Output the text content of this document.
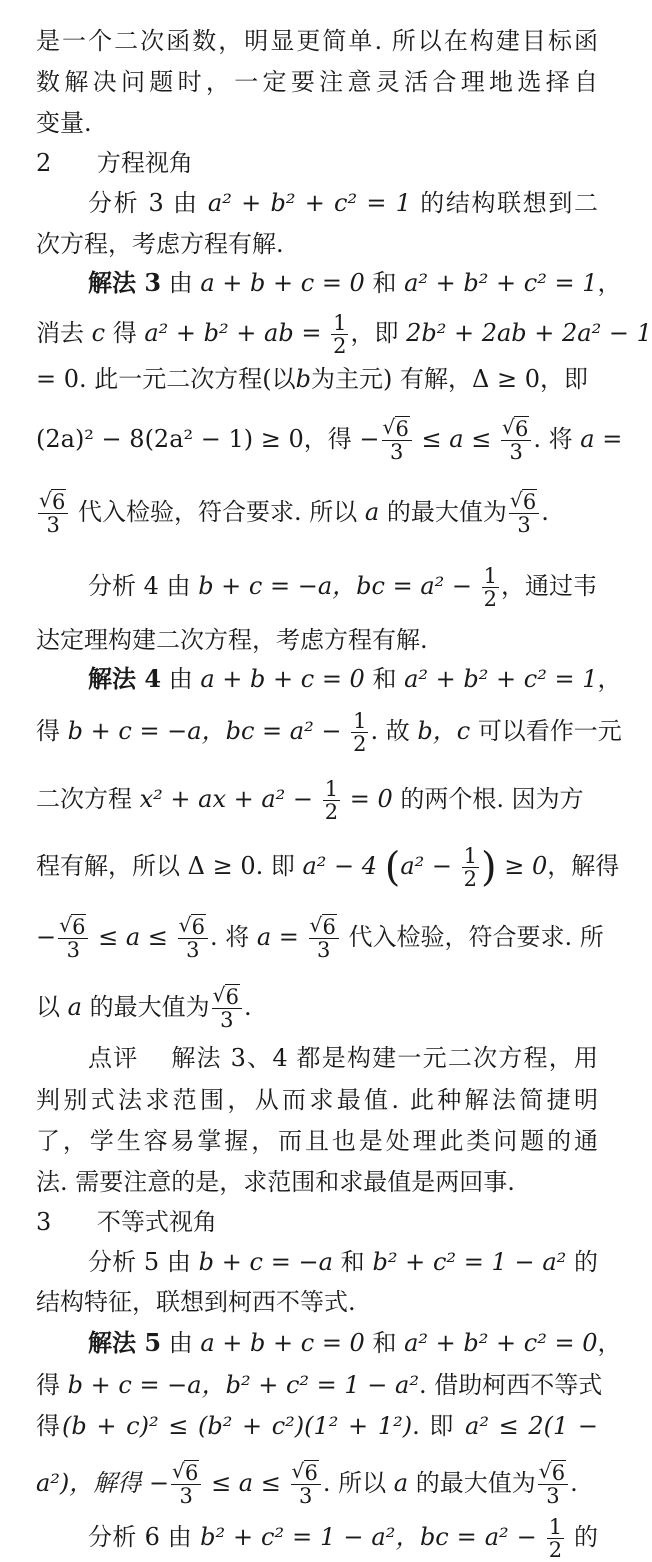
是一个二次函数，明显更简单. 所以在构建目标函
数解决问题时，一定要注意灵活合理地选择自
变量.
2 方程视角
分析 3 由 a² + b² + c² = 1 的结构联想到二
次方程，考虑方程有解.
解法 3 由 a + b + c = 0 和 a² + b² + c² = 1，
消去 c 得 a² + b² + ab = $\frac{1}{2}$ ，即 2b² + 2ab + 2a² − 1
= 0. 此一元二次方程(以b为主元) 有解，Δ ≥ 0，即
(2a)² − 8(2a² − 1) ≥ 0，得 − √ $\frac{6}{3} \le a$ ≤ √ $\frac{6}{3}$ . 将 a =
√ $\frac{6}{3}$ 代入检验，符合要求. 所以 a 的最大值为 √ $\frac{6}{3}$ .
分析 4 由 b + c = −a，bc = $a^2 - \frac{1}{2}$ ，通过韦
达定理构建二次方程，考虑方程有解.
解法 4 由 a + b + c = 0 和 a² + b² + c² = 1，
得 b + c = −a，bc = $a^2 - \frac{1}{2}$ . 故 b，c 可以看作一元
二次方程 x² + ax + $a^2 - \frac{1}{2} = 0$ 的两个根. 因为方
程有解，所以 Δ ≥ 0. 即 a² − 4 ($a^2 - \frac{1}{2}$ ) ≥ 0，解得
− √ $\frac{6}{3} \le a$ ≤ √ $\frac{6}{3}$ . 将 a = √ $\frac{6}{3}$ 代入检验，符合要求. 所
以 a 的最大值为 √ $\frac{6}{3}$ .
点评 解法 3、4 都是构建一元二次方程，用
判别式法求范围，从而求最值. 此种解法简捷明
了，学生容易掌握，而且也是处理此类问题的通
法. 需要注意的是，求范围和求最值是两回事.
3 不等式视角
分析 5 由 b + c = −a 和 b² + c² = 1 − a² 的
结构特征，联想到柯西不等式.
解法 5 由 a + b + c = 0 和 a² + b² + c² = 0，
得 b + c = −a，b² + c² = 1 − a². 借助柯西不等式
得(b + c)² ≤ (b² + c²)(1² + 1²). 即 a² ≤ 2(1 −
a²)，解得 − √ $\frac{6}{3} \le a$ ≤ √ $\frac{6}{3}$ . 所以 a 的最大值为 √ $\frac{6}{3}$ .
分析 6 由 b² + c² = 1 − a²，bc = $a^2 - \frac{1}{2}$ 的
